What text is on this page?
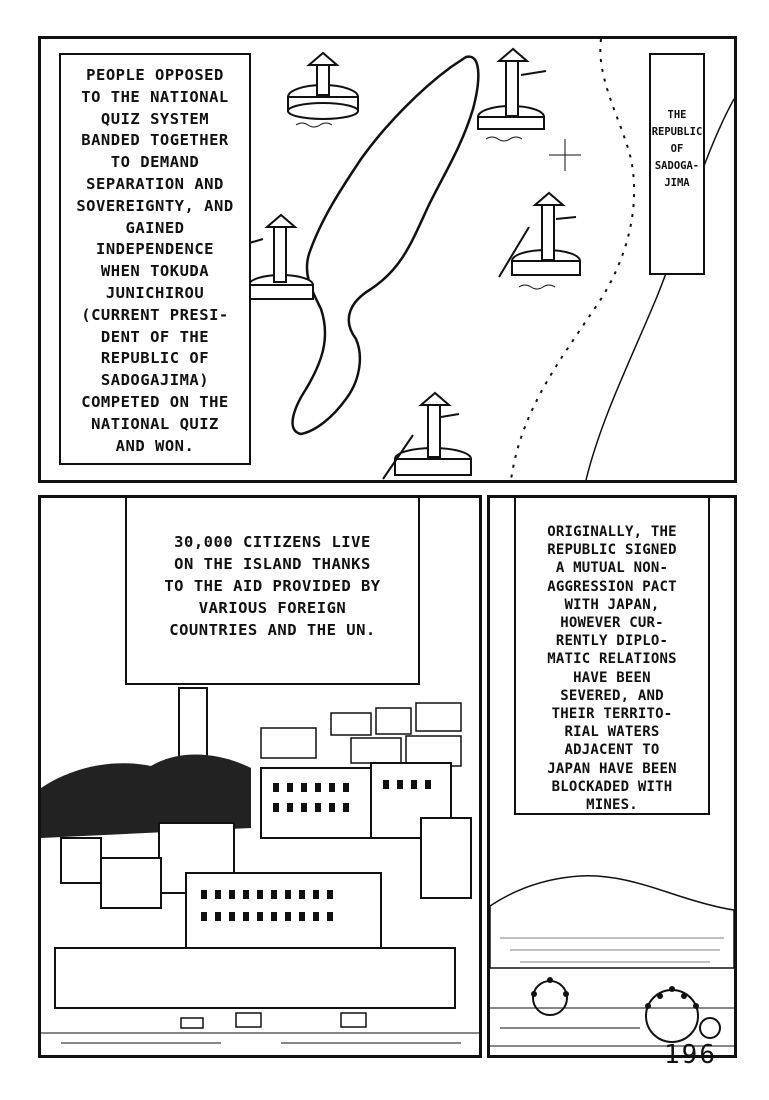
PEOPLE OPPOSED
TO THE NATIONAL
QUIZ SYSTEM
BANDED TOGETHER
TO DEMAND
SEPARATION AND
SOVEREIGNTY, AND
GAINED
INDEPENDENCE
WHEN TOKUDA
JUNICHIROU
(CURRENT PRESI-
DENT OF THE
REPUBLIC OF
SADOGAJIMA)
COMPETED ON THE
NATIONAL QUIZ
AND WON.
THE
REPUBLIC
OF
SADOGA-
JIMA
30,000 CITIZENS LIVE
ON THE ISLAND THANKS
TO THE AID PROVIDED BY
VARIOUS FOREIGN
COUNTRIES AND THE UN.
ORIGINALLY, THE
REPUBLIC SIGNED
A MUTUAL NON-
AGGRESSION PACT
WITH JAPAN,
HOWEVER CUR-
RENTLY DIPLO-
MATIC RELATIONS
HAVE BEEN
SEVERED, AND
THEIR TERRITO-
RIAL WATERS
ADJACENT TO
JAPAN HAVE BEEN
BLOCKADED WITH
MINES.
196
